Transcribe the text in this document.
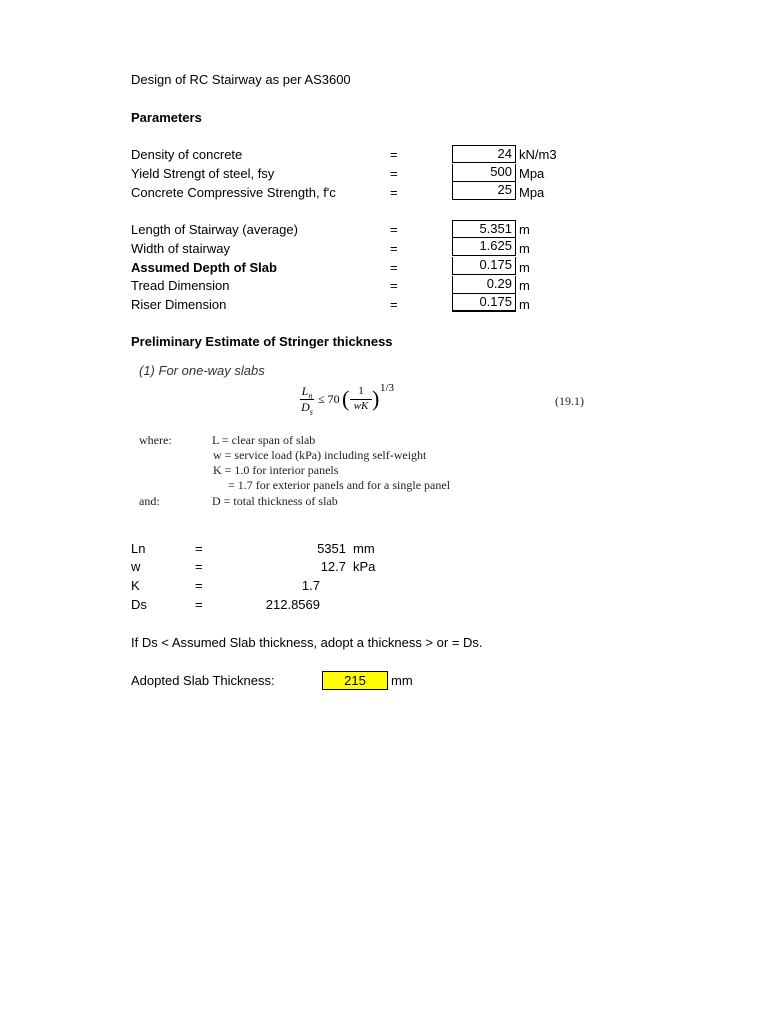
Design of RC Stairway as per AS3600
Parameters
Density of concrete	=	24 kN/m3
Yield Strengt of steel, fsy	=	500 Mpa
Concrete Compressive Strength, f'c	=	25 Mpa
Length of Stairway (average)	=	5.351 m
Width of stairway	=	1.625 m
Assumed Depth of Slab	=	0.175 m
Tread Dimension	=	0.29 m
Riser Dimension	=	0.175 m
Preliminary Estimate of Stringer thickness
(1) For one-way slabs
$L_n$
$D_s$
≤ 70 ( 1
wK ) 1/3
(19.1)
where:	L = clear span of slab
w = service load (kPa) including self-weight
K = 1.0 for interior panels
= 1.7 for exterior panels and for a single panel
and:	D = total thickness of slab
Ln	=	5351 mm
w	=	12.7 kPa
K	=	1.7
Ds	=	212.8569
If Ds < Assumed Slab thickness, adopt a thickness > or = Ds.
Adopted Slab Thickness:	215	mm
